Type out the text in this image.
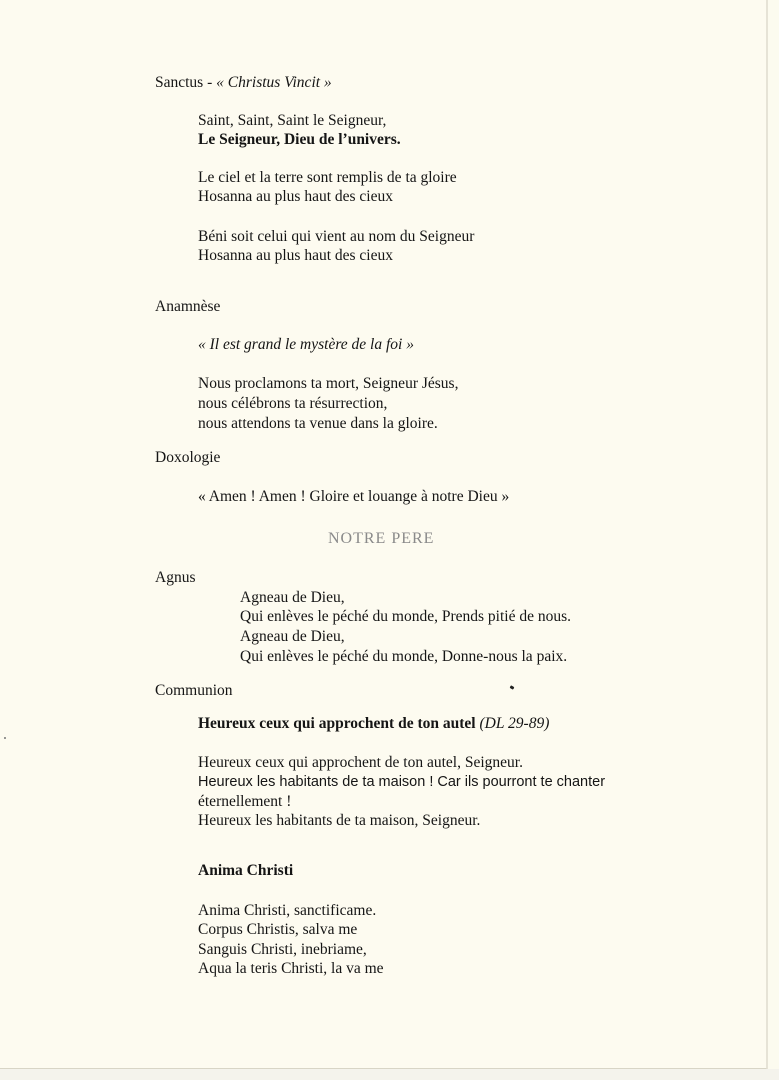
Sanctus - « Christus Vincit »
Saint, Saint, Saint le Seigneur,
Le Seigneur, Dieu de l’univers.
Le ciel et la terre sont remplis de ta gloire
Hosanna au plus haut des cieux
Béni soit celui qui vient au nom du Seigneur
Hosanna au plus haut des cieux
Anamnèse
« Il est grand le mystère de la foi »
Nous proclamons ta mort, Seigneur Jésus,
nous célébrons ta résurrection,
nous attendons ta venue dans la gloire.
Doxologie
« Amen ! Amen ! Gloire et louange à notre Dieu »
NOTRE PERE
Agnus
Agneau de Dieu,
Qui enlèves le péché du monde, Prends pitié de nous.
Agneau de Dieu,
Qui enlèves le péché du monde, Donne-nous la paix.
Communion
Heureux ceux qui approchent de ton autel (DL 29-89)
Heureux ceux qui approchent de ton autel, Seigneur.
Heureux les habitants de ta maison ! Car ils pourront te chanter
éternellement !
Heureux les habitants de ta maison, Seigneur.
Anima Christi
Anima Christi, sanctificame.
Corpus Christis, salva me
Sanguis Christi, inebriame,
Aqua la teris Christi, la va me
